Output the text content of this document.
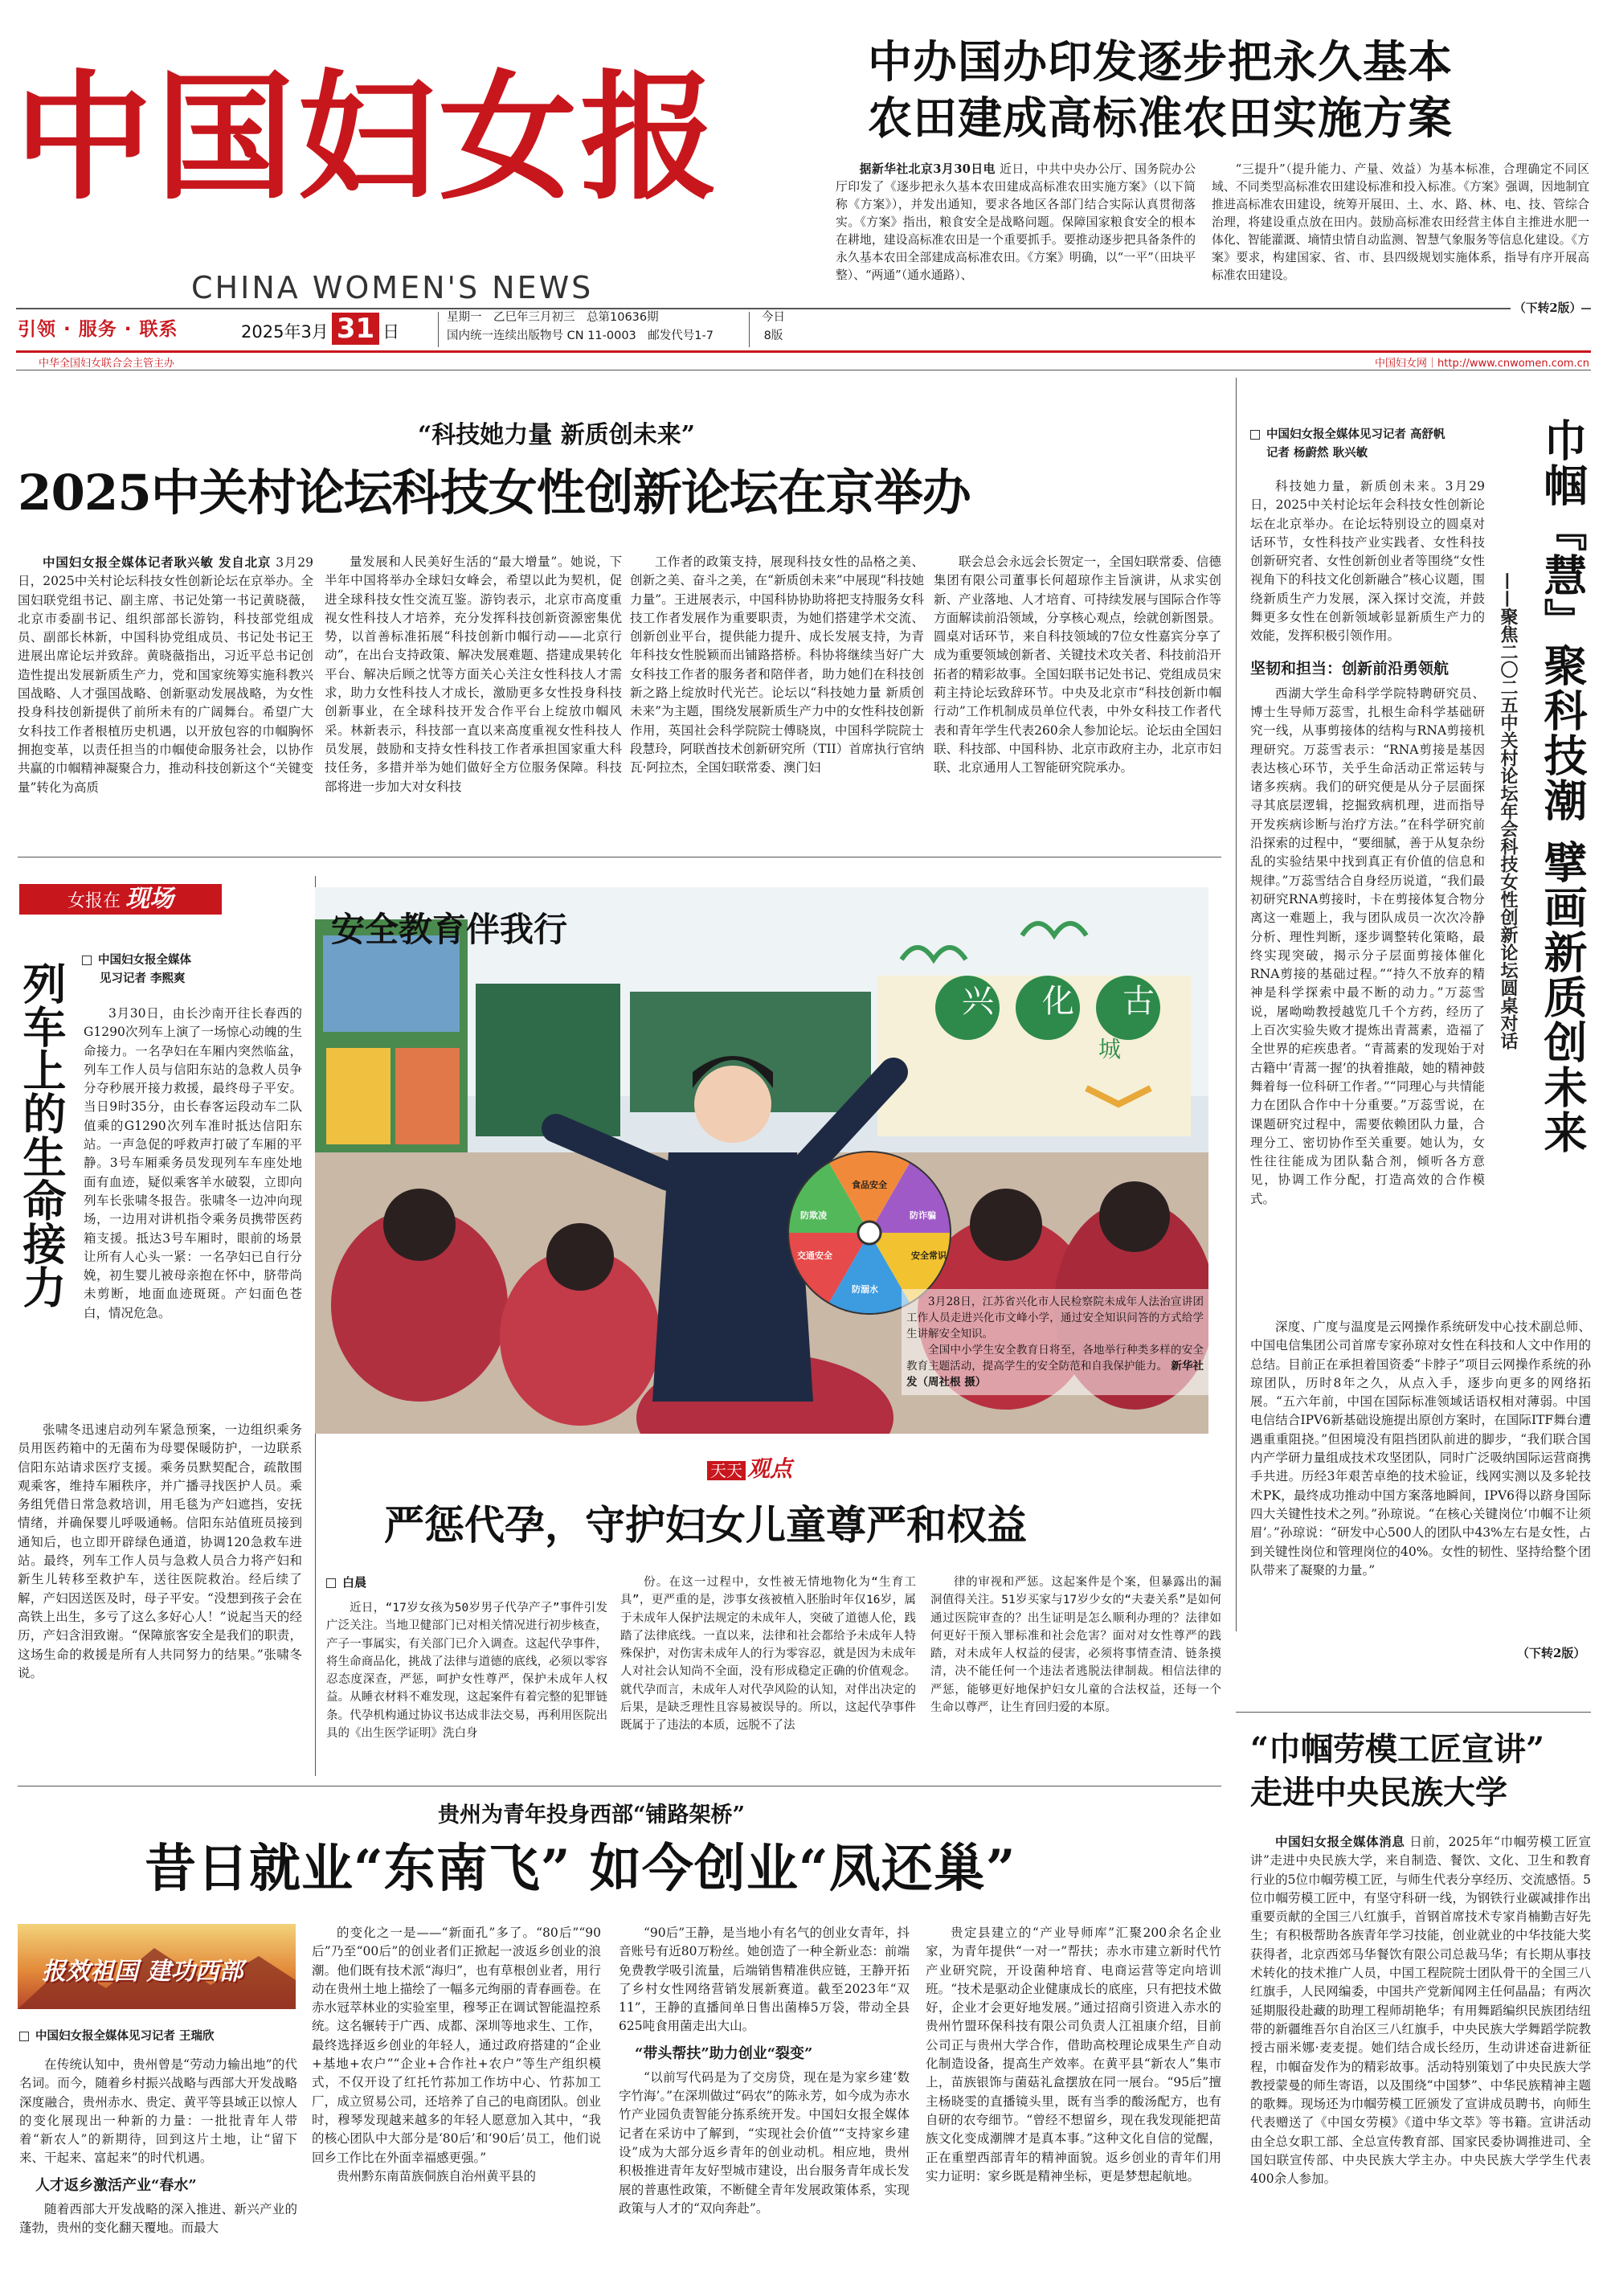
中国妇女报
CHINA WOMEN'S NEWS
引领 · 服务 · 联系	2025年3月 31 日
星期一　 乙巳年三月初三　 总第10636期
国内统一连续出版物号 CN 11-0003　 邮发代号1-7
今日
8版
中华全国妇女联合会主管主办	中国妇女网｜http://www.cnwomen.com.cn
中办国办印发逐步把永久基本
农田建成高标准农田实施方案

据新华社北京3月30日电 近日，中共中央办公厅、国务院办公厅印发了《逐步把永久基本农田建成高标准农田实施方案》（以下简称《方案》），并发出通知，要求各地区各部门结合实际认真贯彻落实。《方案》指出，粮食安全是战略问题。保障国家粮食安全的根本在耕地，建设高标准农田是一个重要抓手。要推动逐步把具备条件的永久基本农田全部建成高标准农田。《方案》明确，以“一平”（田块平整）、“两通”（通水通路）、

“三提升”（提升能力、产量、效益）为基本标准，合理确定不同区域、不同类型高标准农田建设标准和投入标准。《方案》强调，因地制宜推进高标准农田建设，统筹开展田、土、水、路、林、电、技、管综合治理，将建设重点放在田内。鼓励高标准农田经营主体自主推进水肥一体化、智能灌溉、墒情虫情自动监测、智慧气象服务等信息化建设。《方案》要求，构建国家、省、市、县四级规划实施体系，指导有序开展高标准农田建设。

（下转2版）
“科技她力量 新质创未来”
2025中关村论坛科技女性创新论坛在京举办

中国妇女报全媒体记者耿兴敏 发自北京 3月29日，2025中关村论坛科技女性创新论坛在京举办。全国妇联党组书记、副主席、书记处第一书记黄晓薇，北京市委副书记、组织部部长游钧，科技部党组成员、副部长林新，中国科协党组成员、书记处书记王进展出席论坛并致辞。黄晓薇指出，习近平总书记创造性提出发展新质生产力，党和国家统筹实施科教兴国战略、人才强国战略、创新驱动发展战略，为女性投身科技创新提供了前所未有的广阔舞台。希望广大女科技工作者根植历史机遇，以开放包容的巾帼胸怀拥抱变革，以责任担当的巾帼使命服务社会，以协作共赢的巾帼精神凝聚合力，推动科技创新这个“关键变量”转化为高质

量发展和人民美好生活的“最大增量”。她说，下半年中国将举办全球妇女峰会，希望以此为契机，促进全球科技女性交流互鉴。游钧表示，北京市高度重视女性科技人才培养，充分发挥科技创新资源密集优势，以首善标准拓展“科技创新巾帼行动——北京行动”，在出台支持政策、解决发展难题、搭建成果转化平台、解决后顾之忧等方面关心关注女性科技人才需求，助力女性科技人才成长，激励更多女性投身科技创新事业，在全球科技开发合作平台上绽放巾帼风采。林新表示，科技部一直以来高度重视女性科技人员发展，鼓励和支持女性科技工作者承担国家重大科技任务，多措并举为她们做好全方位服务保障。科技部将进一步加大对女科技

工作者的政策支持，展现科技女性的品格之美、创新之美、奋斗之美，在“新质创未来”中展现“科技她力量”。王进展表示，中国科协协助将把支持服务女科技工作者发展作为重要职责，为她们搭建学术交流、创新创业平台，提供能力提升、成长发展支持，为青年科技女性脱颖而出铺路搭桥。科协将继续当好广大女科技工作者的服务者和陪伴者，助力她们在科技创新之路上绽放时代光芒。论坛以“科技她力量 新质创未来”为主题，围绕发展新质生产力中的女性科技创新作用，英国社会科学院院士傅晓岚，中国科学院院士段慧玲，阿联酋技术创新研究所（TII）首席执行官纳瓦·阿拉杰，全国妇联常委、澳门妇

联会总会永远会长贺定一，全国妇联常委、信德集团有限公司董事长何超琼作主旨演讲，从求实创新、产业落地、人才培育、可持续发展与国际合作等方面解读前沿领域，分享核心观点，绘就创新图景。圆桌对话环节，来自科技领域的7位女性嘉宾分享了成为重要领域创新者、关键技术攻关者、科技前沿开拓者的精彩故事。全国妇联书记处书记、党组成员宋莉主持论坛致辞环节。中央及北京市“科技创新巾帼行动”工作机制成员单位代表，中外女科技工作者代表和青年学生代表260余人参加论坛。论坛由全国妇联、科技部、中国科协、北京市政府主办，北京市妇联、北京通用人工智能研究院承办。

中国妇女报全媒体见习记者 高舒帆
记者 杨蔚然 耿兴敏	巾帼『慧』聚科技潮 擘画新质创未来
——聚焦二〇二五中关村论坛年会科技女性创新论坛圆桌对话

科技她力量，新质创未来。3月29日，2025中关村论坛年会科技女性创新论坛在北京举办。在论坛特别设立的圆桌对话环节，女性科技产业实践者、女性科技创新研究者、女性创新创业者等围绕“女性视角下的科技文化创新融合”核心议题，围绕新质生产力发展，深入探讨交流，并鼓舞更多女性在创新领域彰显新质生产力的效能，发挥积极引领作用。

坚韧和担当：创新前沿勇领航

西湖大学生命科学学院特聘研究员、博士生导师万蕊雪，扎根生命科学基础研究一线，从事剪接体的结构与RNA剪接机理研究。万蕊雪表示：“RNA剪接是基因表达核心环节，关乎生命活动正常运转与诸多疾病。我们的研究便是从分子层面探寻其底层逻辑，挖掘致病机理，进而指导开发疾病诊断与治疗方法。”在科学研究前沿探索的过程中，“要细腻，善于从复杂纷乱的实验结果中找到真正有价值的信息和规律。”万蕊雪结合自身经历说道，“我们最初研究RNA剪接时，卡在剪接体复合物分离这一难题上，我与团队成员一次次冷静分析、理性判断，逐步调整转化策略，最终实现突破，揭示分子层面剪接体催化RNA剪接的基础过程。”“持久不放弃的精神是科学探索中最不断的动力。”万蕊雪说，屠呦呦教授越览几千个方药，经历了上百次实验失败才提炼出青蒿素，造福了全世界的疟疾患者。“青蒿素的发现始于对古籍中‘青蒿一握’的执着推敲，她的精神鼓舞着每一位科研工作者。”“同理心与共情能力在团队合作中十分重要。”万蕊雪说，在课题研究过程中，需要依赖团队力量，合理分工、密切协作至关重要。她认为，女性往往能成为团队黏合剂，倾听各方意见，协调工作分配，打造高效的合作模式。

深度、广度与温度是云网操作系统研发中心技术副总师、中国电信集团公司首席专家孙琼对女性在科技和人文中作用的总结。目前正在承担着国资委“卡脖子”项目云网操作系统的孙琼团队，历时8年之久，从点入手，逐步向更多的网络拓展。“五六年前，中国在国际标准领域话语权相对薄弱。中国电信结合IPV6新基础设施提出原创方案时，在国际ITF舞台遭遇重重阻挠。”但困境没有阻挡团队前进的脚步，“我们联合国内产学研力量组成技术攻坚团队，同时广泛吸纳国际运营商携手共进。历经3年艰苦卓绝的技术验证，线网实测以及多轮技术PK，最终成功推动中国方案落地瞬间，IPV6得以跻身国际四大关键性技术之列。”孙琼说。“在核心关键岗位‘巾帼不让须眉’。”孙琼说：“研发中心500人的团队中43%左右是女性，占到关键性岗位和管理岗位的40%。女性的韧性、坚持给整个团队带来了凝聚的力量。”

（下转2版）
女报在 现场
列车上的生命接力
中国妇女报全媒体
见习记者 李熙爽

3月30日，由长沙南开往长春西的G1290次列车上演了一场惊心动魄的生命接力。一名孕妇在车厢内突然临盆，列车工作人员与信阳东站的急救人员争分夺秒展开接力救援，最终母子平安。当日9时35分，由长春客运段动车二队值乘的G1290次列车准时抵达信阳东站。一声急促的呼救声打破了车厢的平静。3号车厢乘务员发现列车车座处地面有血迹，疑似乘客羊水破裂，立即向列车长张啸冬报告。张啸冬一边冲向现场，一边用对讲机指令乘务员携带医药箱支援。抵达3号车厢时，眼前的场景让所有人心头一紧：一名孕妇已自行分娩，初生婴儿被母亲抱在怀中，脐带尚未剪断，地面血迹斑斑。产妇面色苍白，情况危急。

张啸冬迅速启动列车紧急预案，一边组织乘务员用医药箱中的无菌布为母婴保暖防护，一边联系信阳东站请求医疗支援。乘务员默契配合，疏散围观乘客，维持车厢秩序，并广播寻找医护人员。乘务组凭借日常急救培训，用毛毯为产妇遮挡，安抚情绪，并确保婴儿呼吸通畅。信阳东站值班员接到通知后，也立即开辟绿色通道，协调120急救车进站。最终，列车工作人员与急救人员合力将产妇和新生儿转移至救护车，送往医院救治。经后续了解，产妇因送医及时，母子平安。“没想到孩子会在高铁上出生，多亏了这么多好心人！”说起当天的经历，产妇含泪致谢。“保障旅客安全是我们的职责，这场生命的救援是所有人共同努力的结果。”张啸冬说。

安全教育伴我行
兴 化 古
城
安全常识
防溺水
交通安全
防欺凌
食品安全
防诈骗
3月28日，江苏省兴化市人民检察院未成年人法治宣讲团工作人员走进兴化市文峰小学，通过安全知识问答的方式给学生讲解安全知识。
全国中小学生安全教育日将至，各地举行种类多样的安全教育主题活动，提高学生的安全防范和自我保护能力。 新华社发（周社根 摄）
天天 观点
严惩代孕，守护妇女儿童尊严和权益
白晨

近日，“17岁女孩为50岁男子代孕产子”事件引发广泛关注。当地卫健部门已对相关情况进行初步核查，产子一事属实，有关部门已介入调查。这起代孕事件，将生命商品化，挑战了法律与道德的底线，必须以零容忍态度深查，严惩，呵护女性尊严，保护未成年人权益。从睡衣材料不难发现，这起案件有着完整的犯罪链条。代孕机构通过协议书达成非法交易，再利用医院出具的《出生医学证明》洗白身

份。在这一过程中，女性被无情地物化为“生育工具”，更严重的是，涉事女孩被植入胚胎时年仅16岁，属于未成年人保护法规定的未成年人，突破了道德人伦，践踏了法律底线。一直以来，法律和社会都给予未成年人特殊保护，对伤害未成年人的行为零容忍，就是因为未成年人对社会认知尚不全面，没有形成稳定正确的价值观念。就代孕而言，未成年人对代孕风险的认知，对伴出决定的后果，是缺乏理性且容易被误导的。所以，这起代孕事件既属于了违法的本质，远脱不了法

律的审视和严惩。这起案件是个案，但暴露出的漏洞值得关注。51岁买家与17岁少女的“夫妻关系”是如何通过医院审查的？出生证明是怎么顺利办理的？法律如何更好干预入罪标准和社会危害？面对对女性尊严的践踏，对未成年人权益的侵害，必须将事情查清、链条摸清，决不能任何一个违法者逃脱法律制裁。相信法律的严惩，能够更好地保护妇女儿童的合法权益，还每一个生命以尊严，让生育回归爱的本原。

贵州为青年投身西部“铺路架桥”
昔日就业“东南飞” 如今创业“凤还巢”
报效祖国 建功西部
中国妇女报全媒体见习记者 王瑞欣

在传统认知中，贵州曾是“劳动力输出地”的代名词。而今，随着乡村振兴战略与西部大开发战略深度融合，贵州赤水、贵定、黄平等县域正以惊人的变化展现出一种新的力量：一批批青年人带着“新农人”的新期待，回到这片土地，让“留下来、干起来、富起来”的时代机遇。

人才返乡激活产业“春水”

随着西部大开发战略的深入推进、新兴产业的蓬勃，贵州的变化翻天覆地。而最大

的变化之一是——“新面孔”多了。“80后”“90后”乃至“00后”的创业者们正掀起一波返乡创业的浪潮。他们既有技术派“海归”，也有草根创业者，用行动在贵州土地上描绘了一幅多元绚丽的青春画卷。在赤水冠萃林业的实验室里，穆琴正在调试智能温控系统。这名辗转于广西、成都、深圳等地求生、工作，最终选择返乡创业的年轻人，通过政府搭建的“企业+基地+农户”“企业+合作社+农户”等生产组织模式，不仅开设了红托竹荪加工作坊中心、竹荪加工厂，成立贸易公司，还培养了自己的电商团队。创业时，穆琴发现越来越多的年轻人愿意加入其中，“我的核心团队中大部分是‘80后’和‘90后’员工，他们说回乡工作比在外面幸福感更强。”

贵州黔东南苗族侗族自治州黄平县的

“90后”王静，是当地小有名气的创业女青年，抖音账号有近80万粉丝。她创造了一种全新业态：前端免费教学吸引流量，后端销售精准供应链，王静开拓了乡村女性网络营销发展新赛道。截至2023年“双11”，王静的直播间单日售出菌棒5万袋，带动全县625吨食用菌走出大山。

“带头帮扶”助力创业“裂变”

“以前写代码是为了交房贷，现在是为家乡建‘数字竹海’。”在深圳做过“码农”的陈永芳，如今成为赤水竹产业园负责智能分拣系统开发。中国妇女报全媒体记者在采访中了解到，“实现社会价值”“支持家乡建设”成为大部分返乡青年的创业动机。相应地，贵州积极推进青年友好型城市建设，出台服务青年成长发展的普惠性政策，不断健全青年发展政策体系，实现政策与人才的“双向奔赴”。

贵定县建立的“产业导师库”汇聚200余名企业家，为青年提供“一对一”帮扶；赤水市建立新时代竹产业研究院，开设菌种培育、电商运营等定向培训班。“技术是驱动企业健康成长的底座，只有把技术做好，企业才会更好地发展。”通过招商引资进入赤水的贵州竹盟环保科技有限公司负责人江祖康介绍，目前公司正与贵州大学合作，借助高校理论成果生产自动化制造设备，提高生产效率。在黄平县“新农人”集市上，苗族银饰与菌菇礼盒摆放在同一展台。“95后”擅主杨晓雯的直播镜头里，既有当季的酸汤配方，也有自研的农夸细节。“曾经不想留乡，现在我发现能把苗族文化变成潮牌才是真本事。”这种文化自信的觉醒，正在重塑西部青年的精神面貌。返乡创业的青年们用实力证明：家乡既是精神坐标，更是梦想起航地。

“巾帼劳模工匠宣讲”
走进中央民族大学

中国妇女报全媒体消息 日前，2025年“巾帼劳模工匠宣讲”走进中央民族大学，来自制造、餐饮、文化、卫生和教育行业的5位巾帼劳模工匠，与师生代表分享经历、交流感悟。5位巾帼劳模工匠中，有坚守科研一线，为钢铁行业碳减排作出重要贡献的全国三八红旗手，首钢首席技术专家肖楠勤吉好先生；有积极帮助各族青年学习技能，创业就业的中华技能大奖获得者，北京西郊马华餐饮有限公司总裁马华；有长期从事技术转化的技术推广人员，中国工程院院士团队骨干的全国三八红旗手，人民网编委，中国共产党新闻网主任何晶晶；有两次延期服役赴藏的助理工程师胡艳华；有用舞蹈编织民族团结纽带的新疆维吾尔自治区三八红旗手，中央民族大学舞蹈学院教授古丽米娜·麦麦提。她们结合成长经历，生动讲述奋进新征程，巾帼奋发作为的精彩故事。活动特别策划了中央民族大学教授蒙曼的师生寄语，以及围绕“中国梦”、中华民族精神主题的歌舞。现场还为巾帼劳模工匠颁发了宣讲成员聘书，向师生代表赠送了《中国女劳模》《道中华文萃》等书籍。宣讲活动由全总女职工部、全总宣传教育部、国家民委协调推进司、全国妇联宣传部、中央民族大学主办。中央民族大学学生代表400余人参加。
